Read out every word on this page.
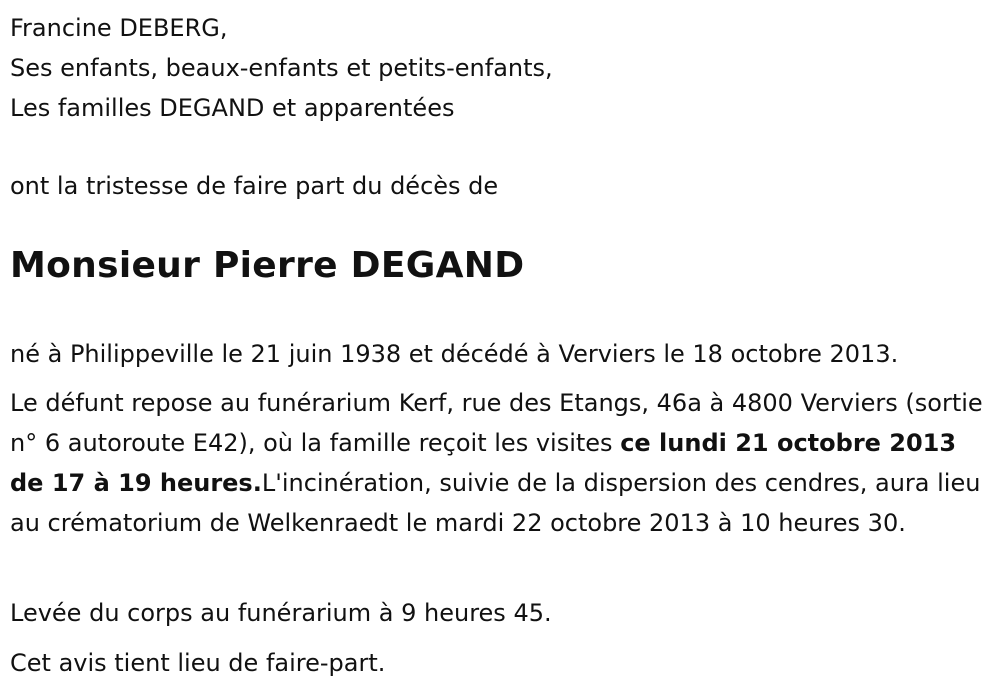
Francine DEBERG,
Ses enfants, beaux-enfants et petits-enfants,
Les familles DEGAND et apparentées
ont la tristesse de faire part du décès de
Monsieur Pierre DEGAND
né à Philippeville le 21 juin 1938 et décédé à Verviers le 18 octobre 2013.
Le défunt repose au funérarium Kerf, rue des Etangs, 46a à 4800 Verviers (sortie n° 6 autoroute E42), où la famille reçoit les visites ce lundi 21 octobre 2013 de 17 à 19 heures.L'incinération, suivie de la dispersion des cendres, aura lieu au crématorium de Welkenraedt le mardi 22 octobre 2013 à 10 heures 30.
Levée du corps au funérarium à 9 heures 45.
Cet avis tient lieu de faire-part.
